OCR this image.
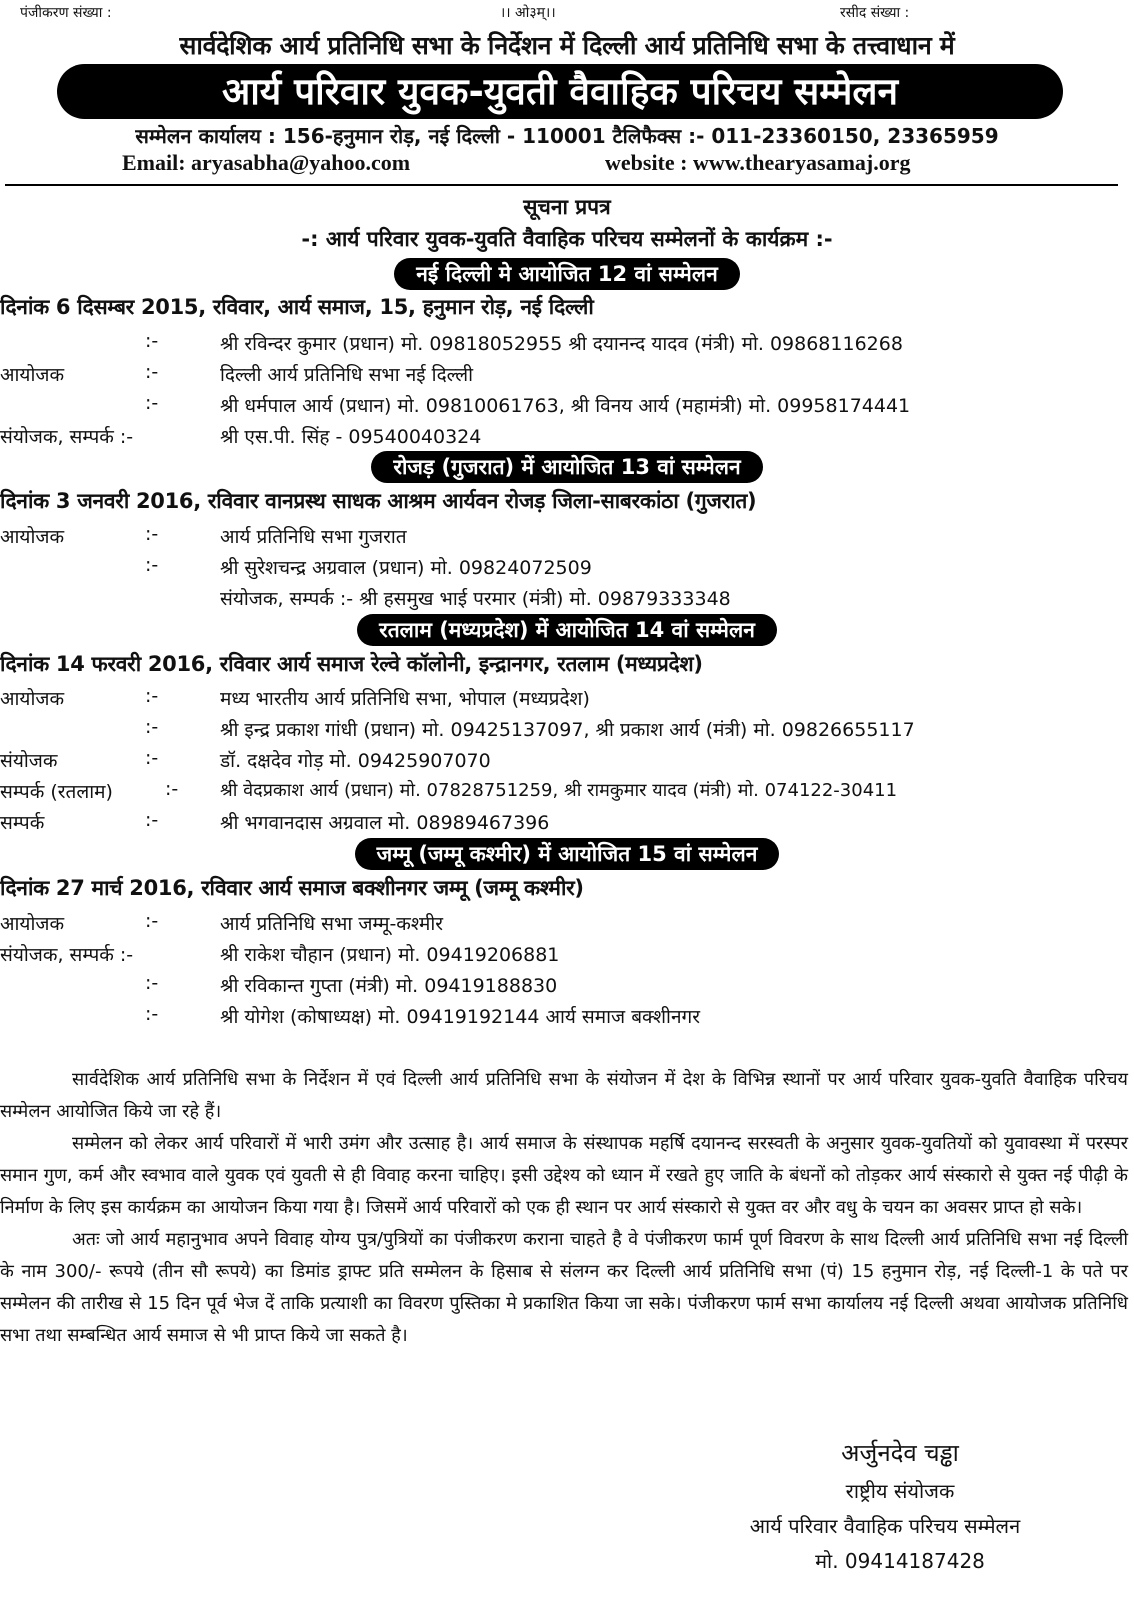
पंजीकरण संख्या :	।। ओ३म्।।	रसीद संख्या :
सार्वदेशिक आर्य प्रतिनिधि सभा के निर्देशन में दिल्ली आर्य प्रतिनिधि सभा के तत्त्वाधान में
आर्य परिवार युवक-युवती वैवाहिक परिचय सम्मेलन
सम्मेलन कार्यालय : 156-हनुमान रोड़, नई दिल्ली - 110001 टैलिफैक्स :- 011-23360150, 23365959
Email: aryasabha@yahoo.com	website : www.thearyasamaj.org
सूचना प्रपत्र
-: आर्य परिवार युवक-युवति वैवाहिक परिचय सम्मेलनों के कार्यक्रम :-
नई दिल्ली मे आयोजित 12 वां सम्मेलन
दिनांक 6 दिसम्बर 2015, रविवार, आर्य समाज, 15, हनुमान रोड़, नई दिल्ली
:-	श्री रविन्दर कुमार (प्रधान) मो. 09818052955 श्री दयानन्द यादव (मंत्री) मो. 09868116268
आयोजक	:-	दिल्ली आर्य प्रतिनिधि सभा नई दिल्ली
:-	श्री धर्मपाल आर्य (प्रधान) मो. 09810061763, श्री विनय आर्य (महामंत्री) मो. 09958174441
संयोजक, सम्पर्क :-	श्री एस.पी. सिंह - 09540040324
रोजड़ (गुजरात) में आयोजित 13 वां सम्मेलन
दिनांक 3 जनवरी 2016, रविवार वानप्रस्थ साधक आश्रम आर्यवन रोजड़ जिला-साबरकांठा (गुजरात)
आयोजक	:-	आर्य प्रतिनिधि सभा गुजरात
:-	श्री सुरेशचन्द्र अग्रवाल (प्रधान) मो. 09824072509
संयोजक, सम्पर्क :- श्री हसमुख भाई परमार (मंत्री) मो. 09879333348
रतलाम (मध्यप्रदेश) में आयोजित 14 वां सम्मेलन
दिनांक 14 फरवरी 2016, रविवार आर्य समाज रेल्वे कॉलोनी, इन्द्रानगर, रतलाम (मध्यप्रदेश)
आयोजक	:-	मध्य भारतीय आर्य प्रतिनिधि सभा, भोपाल (मध्यप्रदेश)
:-	श्री इन्द्र प्रकाश गांधी (प्रधान) मो. 09425137097, श्री प्रकाश आर्य (मंत्री) मो. 09826655117
संयोजक	:-	डॉ. दक्षदेव गोड़ मो. 09425907070
सम्पर्क (रतलाम)	:- श्री वेदप्रकाश आर्य (प्रधान) मो. 07828751259, श्री रामकुमार यादव (मंत्री) मो. 074122-30411
सम्पर्क	:-	श्री भगवानदास अग्रवाल मो. 08989467396
जम्मू (जम्मू कश्मीर) में आयोजित 15 वां सम्मेलन
दिनांक 27 मार्च 2016, रविवार आर्य समाज बक्शीनगर जम्मू (जम्मू कश्मीर)
आयोजक	:-	आर्य प्रतिनिधि सभा जम्मू-कश्मीर
संयोजक, सम्पर्क :-	श्री राकेश चौहान (प्रधान) मो. 09419206881
:-	श्री रविकान्त गुप्ता (मंत्री) मो. 09419188830
:-	श्री योगेश (कोषाध्यक्ष) मो. 09419192144 आर्य समाज बक्शीनगर

सार्वदेशिक आर्य प्रतिनिधि सभा के निर्देशन में एवं दिल्ली आर्य प्रतिनिधि सभा के संयोजन में देश के विभिन्न स्थानों पर आर्य परिवार युवक-युवति वैवाहिक परिचय सम्मेलन आयोजित किये जा रहे हैं।

सम्मेलन को लेकर आर्य परिवारों में भारी उमंग और उत्साह है। आर्य समाज के संस्थापक महर्षि दयानन्द सरस्वती के अनुसार युवक-युवतियों को युवावस्था में परस्पर समान गुण, कर्म और स्वभाव वाले युवक एवं युवती से ही विवाह करना चाहिए। इसी उद्देश्य को ध्यान में रखते हुए जाति के बंधनों को तोड़कर आर्य संस्कारो से युक्त नई पीढ़ी के निर्माण के लिए इस कार्यक्रम का आयोजन किया गया है। जिसमें आर्य परिवारों को एक ही स्थान पर आर्य संस्कारो से युक्त वर और वधु के चयन का अवसर प्राप्त हो सके।

अतः जो आर्य महानुभाव अपने विवाह योग्य पुत्र/पुत्रियों का पंजीकरण कराना चाहते है वे पंजीकरण फार्म पूर्ण विवरण के साथ दिल्ली आर्य प्रतिनिधि सभा नई दिल्ली के नाम 300/- रूपये (तीन सौ रूपये) का डिमांड ड्राफ्ट प्रति सम्मेलन के हिसाब से संलग्न कर दिल्ली आर्य प्रतिनिधि सभा (पं) 15 हनुमान रोड़, नई दिल्ली-1 के पते पर सम्मेलन की तारीख से 15 दिन पूर्व भेज दें ताकि प्रत्याशी का विवरण पुस्तिका मे प्रकाशित किया जा सके। पंजीकरण फार्म सभा कार्यालय नई दिल्ली अथवा आयोजक प्रतिनिधि सभा तथा सम्बन्धित आर्य समाज से भी प्राप्त किये जा सकते है।

अर्जुनदेव चड्ढा
राष्ट्रीय संयोजक
आर्य परिवार वैवाहिक परिचय सम्मेलन
मो. 09414187428
